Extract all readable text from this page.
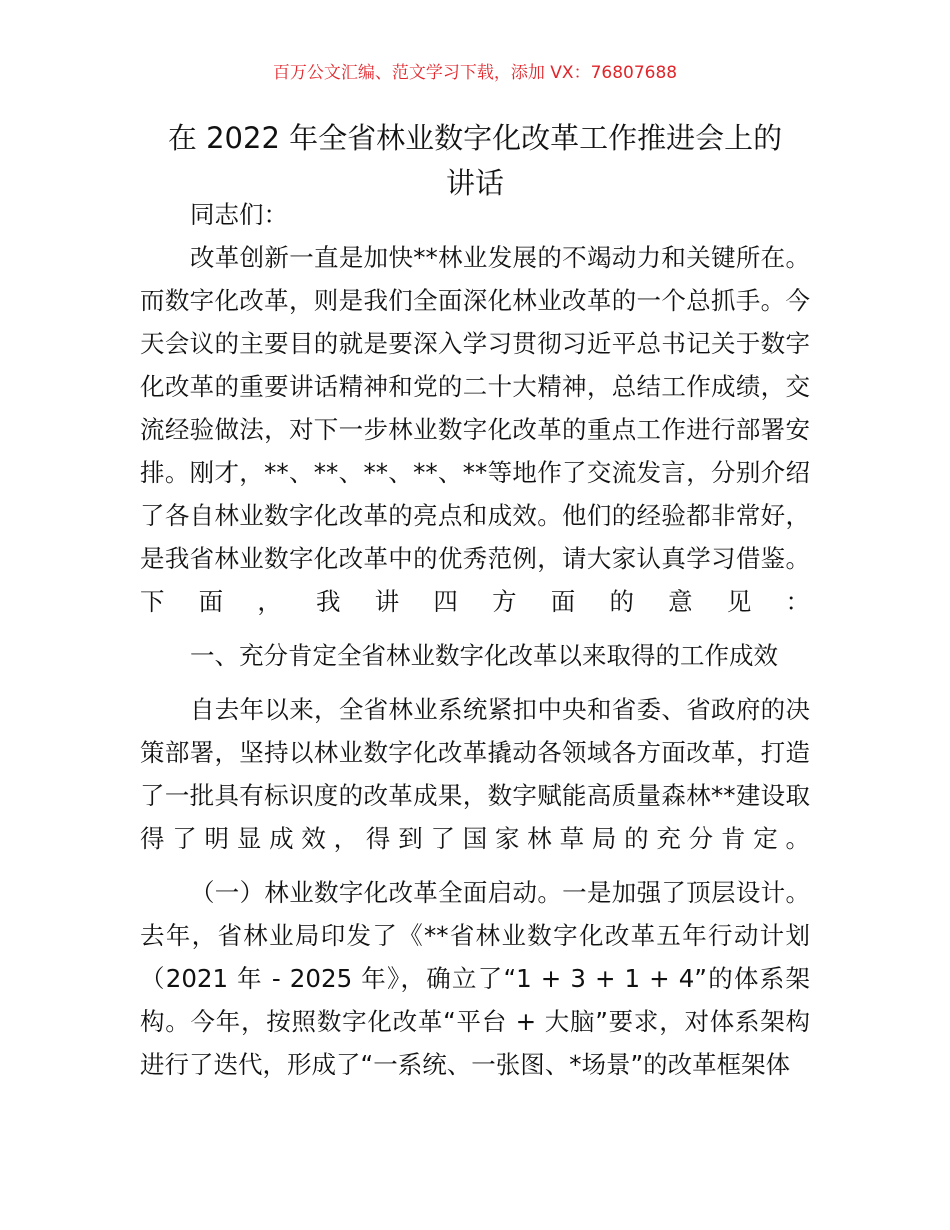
百万公文汇编、范文学习下载，添加 VX：76807688
在 2022 年全省林业数字化改革工作推进会上的
讲话
同志们：
改革创新一直是加快**林业发展的不竭动力和关键所在。
而数字化改革，则是我们全面深化林业改革的一个总抓手。今
天会议的主要目的就是要深入学习贯彻习近平总书记关于数字
化改革的重要讲话精神和党的二十大精神，总结工作成绩，交
流经验做法，对下一步林业数字化改革的重点工作进行部署安
排。刚才，**、**、**、**、**等地作了交流发言，分别介绍
了各自林业数字化改革的亮点和成效。他们的经验都非常好，
是我省林业数字化改革中的优秀范例，请大家认真学习借鉴。
下面，我讲四方面的意见：
一、充分肯定全省林业数字化改革以来取得的工作成效
自去年以来，全省林业系统紧扣中央和省委、省政府的决
策部署，坚持以林业数字化改革撬动各领域各方面改革，打造
了一批具有标识度的改革成果，数字赋能高质量森林**建设取
得了明显成效，得到了国家林草局的充分肯定。
（一）林业数字化改革全面启动。一是加强了顶层设计。
去年，省林业局印发了《**省林业数字化改革五年行动计划
（2021 年 - 2025 年》，确立了“1 + 3 + 1 + 4”的体系架
构。今年，按照数字化改革“平台 + 大脑”要求，对体系架构
进行了迭代，形成了“一系统、一张图、*场景”的改革框架体
